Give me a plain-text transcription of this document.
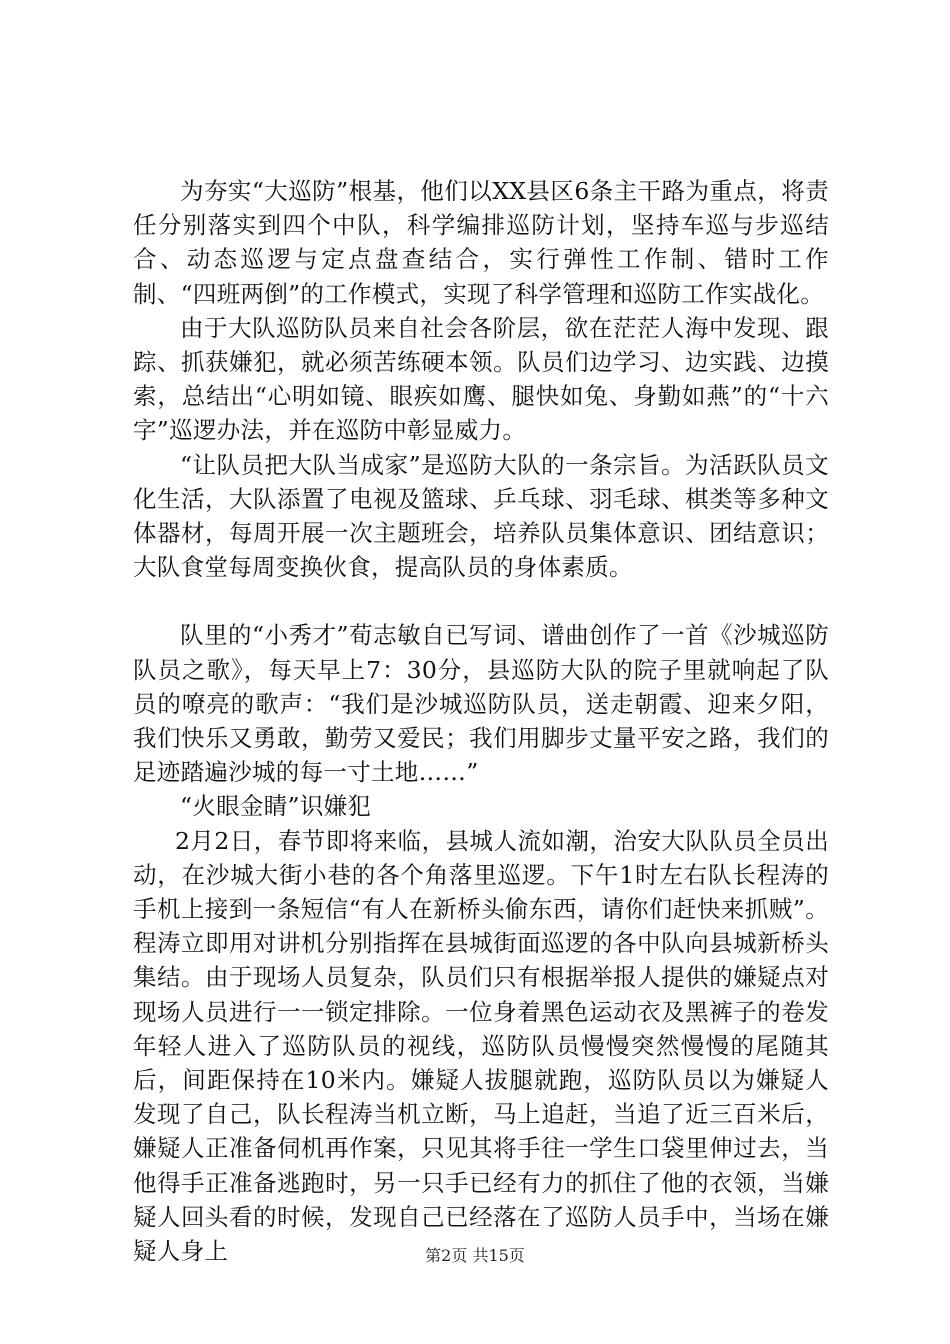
为夯实“大巡防”根基，他们以XX县区6条主干路为重点，将责任分别落实到四个中队，科学编排巡防计划，坚持车巡与步巡结合、动态巡逻与定点盘查结合，实行弹性工作制、错时工作制、“四班两倒”的工作模式，实现了科学管理和巡防工作实战化。

由于大队巡防队员来自社会各阶层，欲在茫茫人海中发现、跟踪、抓获嫌犯，就必须苦练硬本领。队员们边学习、边实践、边摸索，总结出“心明如镜、眼疾如鹰、腿快如兔、身勤如燕”的“十六字”巡逻办法，并在巡防中彰显威力。

“让队员把大队当成家”是巡防大队的一条宗旨。为活跃队员文化生活，大队添置了电视及篮球、乒乓球、羽毛球、棋类等多种文体器材，每周开展一次主题班会，培养队员集体意识、团结意识；大队食堂每周变换伙食，提高队员的身体素质。

队里的“小秀才”荀志敏自已写词、谱曲创作了一首《沙城巡防队员之歌》，每天早上7：30分，县巡防大队的院子里就响起了队员的嘹亮的歌声：“我们是沙城巡防队员，送走朝霞、迎来夕阳，我们快乐又勇敢，勤劳又爱民；我们用脚步丈量平安之路，我们的足迹踏遍沙城的每一寸土地……”

“火眼金睛”识嫌犯

2月2日，春节即将来临，县城人流如潮，治安大队队员全员出动，在沙城大街小巷的各个角落里巡逻。下午1时左右队长程涛的手机上接到一条短信“有人在新桥头偷东西，请你们赶快来抓贼”。程涛立即用对讲机分别指挥在县城街面巡逻的各中队向县城新桥头集结。由于现场人员复杂，队员们只有根据举报人提供的嫌疑点对现场人员进行一一锁定排除。一位身着黑色运动衣及黑裤子的卷发年轻人进入了巡防队员的视线，巡防队员慢慢突然慢慢的尾随其后，间距保持在10米内。嫌疑人拔腿就跑，巡防队员以为嫌疑人发现了自己，队长程涛当机立断，马上追赶，当追了近三百米后，嫌疑人正准备伺机再作案，只见其将手往一学生口袋里伸过去，当他得手正准备逃跑时，另一只手已经有力的抓住了他的衣领，当嫌疑人回头看的时候，发现自己已经落在了巡防人员手中，当场在嫌疑人身上	第2页 共15页
